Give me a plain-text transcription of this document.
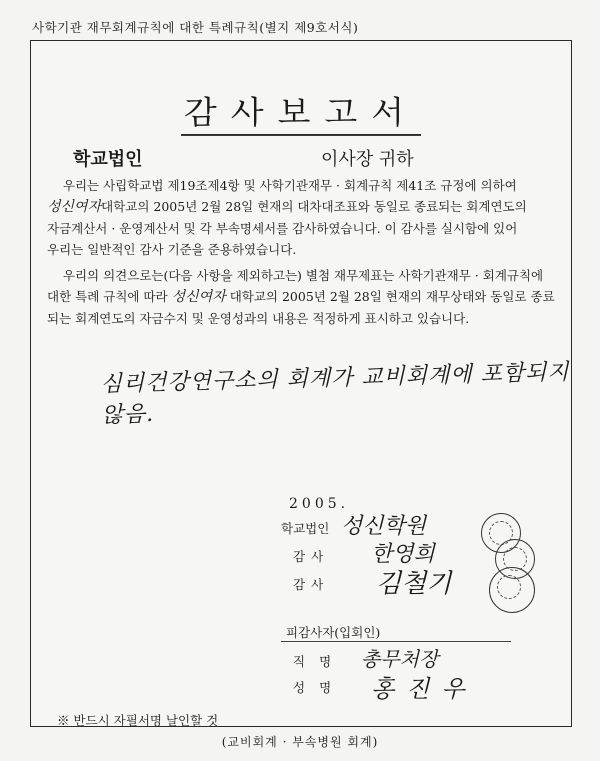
사학기관 재무회계규칙에 대한 특례규칙(별지 제9호서식)
감사보고서
학교법인	이사장 귀하
우리는 사립학교법 제19조제4항 및 사학기관재무 · 회계규칙 제41조 규정에 의하여
성신여자대학교의 2005년 2월 28일 현재의 대차대조표와 동일로 종료되는 회계연도의
자금계산서 · 운영계산서 및 각 부속명세서를 감사하였습니다. 이 감사를 실시함에 있어
우리는 일반적인 감사 기준을 준용하였습니다.
우리의 의견으로는(다음 사항을 제외하고는) 별첨 재무제표는 사학기관재무 · 회계규칙에
대한 특례 규칙에 따라 성신여자 대학교의 2005년 2월 28일 현재의 재무상태와 동일로 종료
되는 회계연도의 자금수지 및 운영성과의 내용은 적정하게 표시하고 있습니다.
심리건강연구소의 회계가 교비회계에 포함되지 않음.
2005.
학교법인 성신학원
감사	한영희
감사	김철기
피감사자(입회인)
직명 총무처장
성명	홍진우
※ 반드시 자필서명 날인할 것
(교비회계 · 부속병원 회계)
